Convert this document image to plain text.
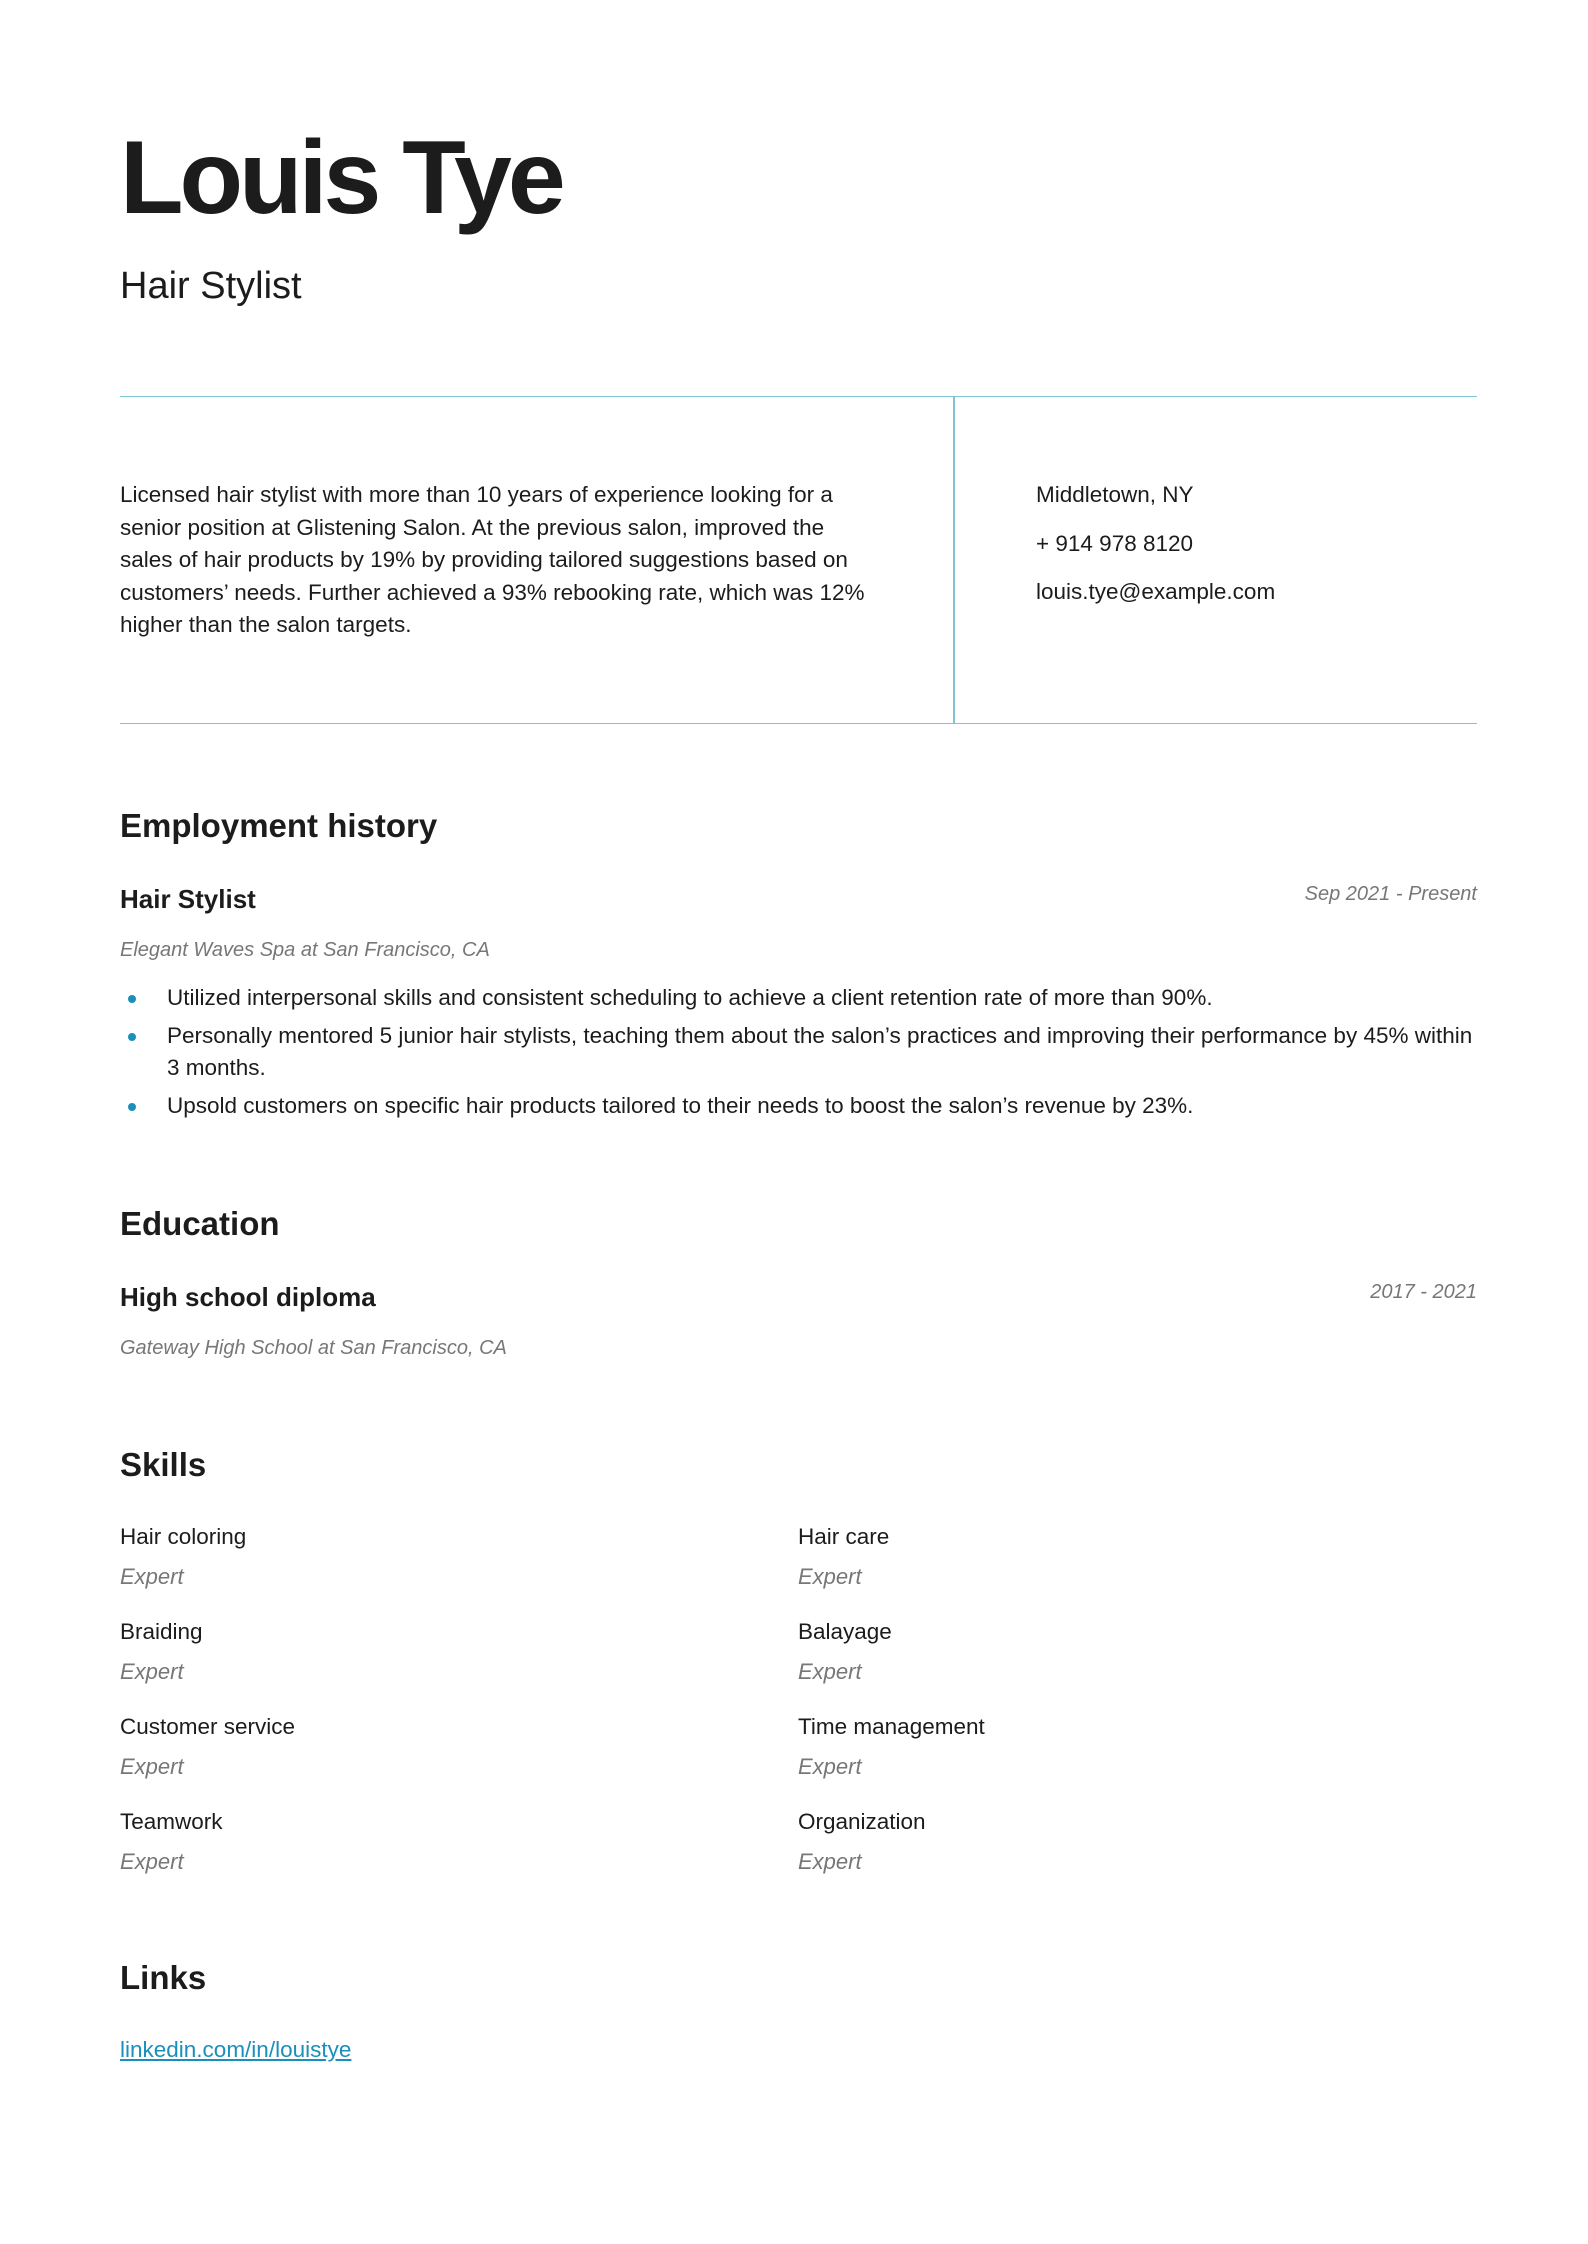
Louis Tye
Hair Stylist

Licensed hair stylist with more than 10 years of experience looking for a senior position at Glistening Salon. At the previous salon, improved the sales of hair products by 19% by providing tailored suggestions based on customers’ needs. Further achieved a 93% rebooking rate, which was 12% higher than the salon targets.

Middletown, NY
+ 914 978 8120
louis.tye@example.com
Employment history
Hair Stylist	Sep 2021 - Present
Elegant Waves Spa at San Francisco, CA
Utilized interpersonal skills and consistent scheduling to achieve a client retention rate of more than 90%.
Personally mentored 5 junior hair stylists, teaching them about the salon’s practices and improving their performance by 45% within 3 months.
Upsold customers on specific hair products tailored to their needs to boost the salon’s revenue by 23%.
Education
High school diploma	2017 - 2021
Gateway High School at San Francisco, CA
Skills
Hair coloring
Expert
Hair care
Expert
Braiding
Expert
Balayage
Expert
Customer service
Expert
Time management
Expert
Teamwork
Expert
Organization
Expert
Links
linkedin.com/in/louistye
